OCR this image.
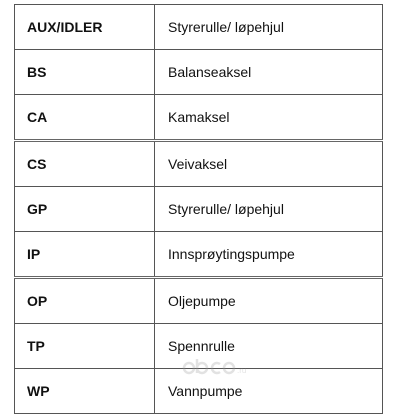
AUX/IDLER	Styrerulle/ løpehjul
BS	Balanseaksel
CA	Kamaksel
CS	Veivaksel
GP	Styrerulle/ løpehjul
IP	Innsprøytingspumpe
OP	Oljepumpe
TP	Spennrulle
WP	Vannpumpe
.ru
